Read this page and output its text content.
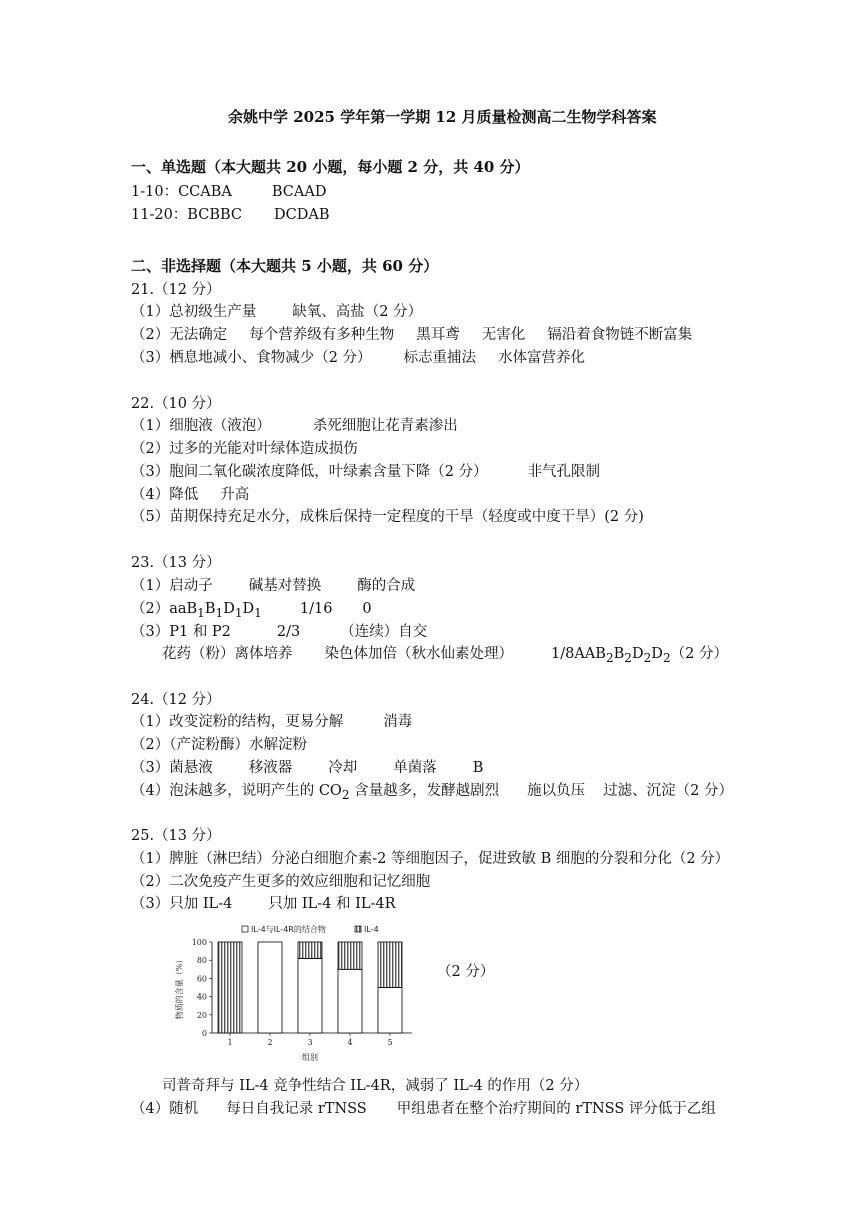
余姚中学 2025 学年第一学期 12 月质量检测高二生物学科答案
一、单选题（本大题共 20 小题，每小题 2 分，共 40 分）
1-10：CCABA	BCAAD
11-20：BCBBC DCDAB
二、非选择题（本大题共 5 小题，共 60 分）
21.（12 分）
（1）总初级生产量 缺氧、高盐（2 分）
（2）无法确定 每个营养级有多种生物 黑耳鸢 无害化 镉沿着食物链不断富集
（3）栖息地减小、食物减少（2 分） 标志重捕法 水体富营养化
22.（10 分）
（1）细胞液（液泡）	杀死细胞让花青素渗出
（2）过多的光能对叶绿体造成损伤
（3）胞间二氧化碳浓度降低，叶绿素含量下降（2 分）	非气孔限制
（4）降低 升高
（5）苗期保持充足水分，成株后保持一定程度的干旱（轻度或中度干旱）(2 分)
23.（13 分）
（1）启动子 碱基对替换 酶的合成
$(2)aaB_1B_1D_1D_1$	1/16 0
（3）P1 和 P2	2/3	（连续）自交
花药（粉）离体培养 染色体加倍（秋水仙素处理）	$1/8AAB_2B_2D_2D_2(2$ 分）
24.（12 分）
（1）改变淀粉的结构，更易分解	消毒
（2）（产淀粉酶）水解淀粉
（3）菌悬液 移液器 冷却 单菌落 B
（4）泡沫越多，说明产生的 $CO_2$ 含量越多，发酵越剧烈 施以负压 过滤、沉淀（2 分）
25.（13 分）
（1）脾脏（淋巴结）分泌白细胞介素-2 等细胞因子，促进致敏 B 细胞的分裂和分化（2 分）
（2）二次免疫产生更多的效应细胞和记忆细胞
（3）只加 IL-4 只加 IL-4 和 IL-4R
0
20
40
60
80
100
1	2	3	4	5
组别
物质的含量（%）
IL-4与IL-4R的结合物	IL-4
（2 分）
司普奇拜与 IL-4 竞争性结合 IL-4R，减弱了 IL-4 的作用（2 分）
（4）随机 每日自我记录 rTNSS 甲组患者在整个治疗期间的 rTNSS 评分低于乙组
